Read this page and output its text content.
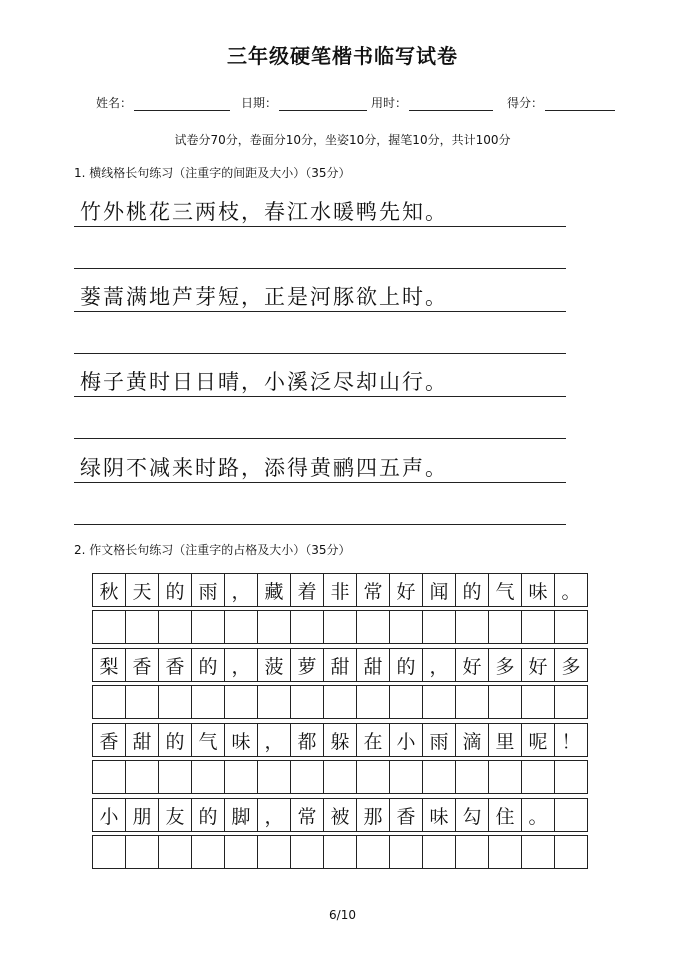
三年级硬笔楷书临写试卷
姓名：	日期：	用时：	得分：
试卷分70分，卷面分10分，坐姿10分，握笔10分，共计100分
1. 横线格长句练习（注重字的间距及大小）（35分）
竹外桃花三两枝，春江水暖鸭先知。
蒌蒿满地芦芽短，正是河豚欲上时。
梅子黄时日日晴，小溪泛尽却山行。
绿阴不减来时路，添得黄鹂四五声。
2. 作文格长句练习（注重字的占格及大小）（35分）
秋 天 的 雨 ， 藏 着 非 常 好 闻 的 气 味 。
梨 香 香 的 ， 菠 萝 甜 甜 的 ， 好 多 好 多
香 甜 的 气 味 ， 都 躲 在 小 雨 滴 里 呢 ！
小 朋 友 的 脚 ， 常 被 那 香 味 勾 住 。
6/10
